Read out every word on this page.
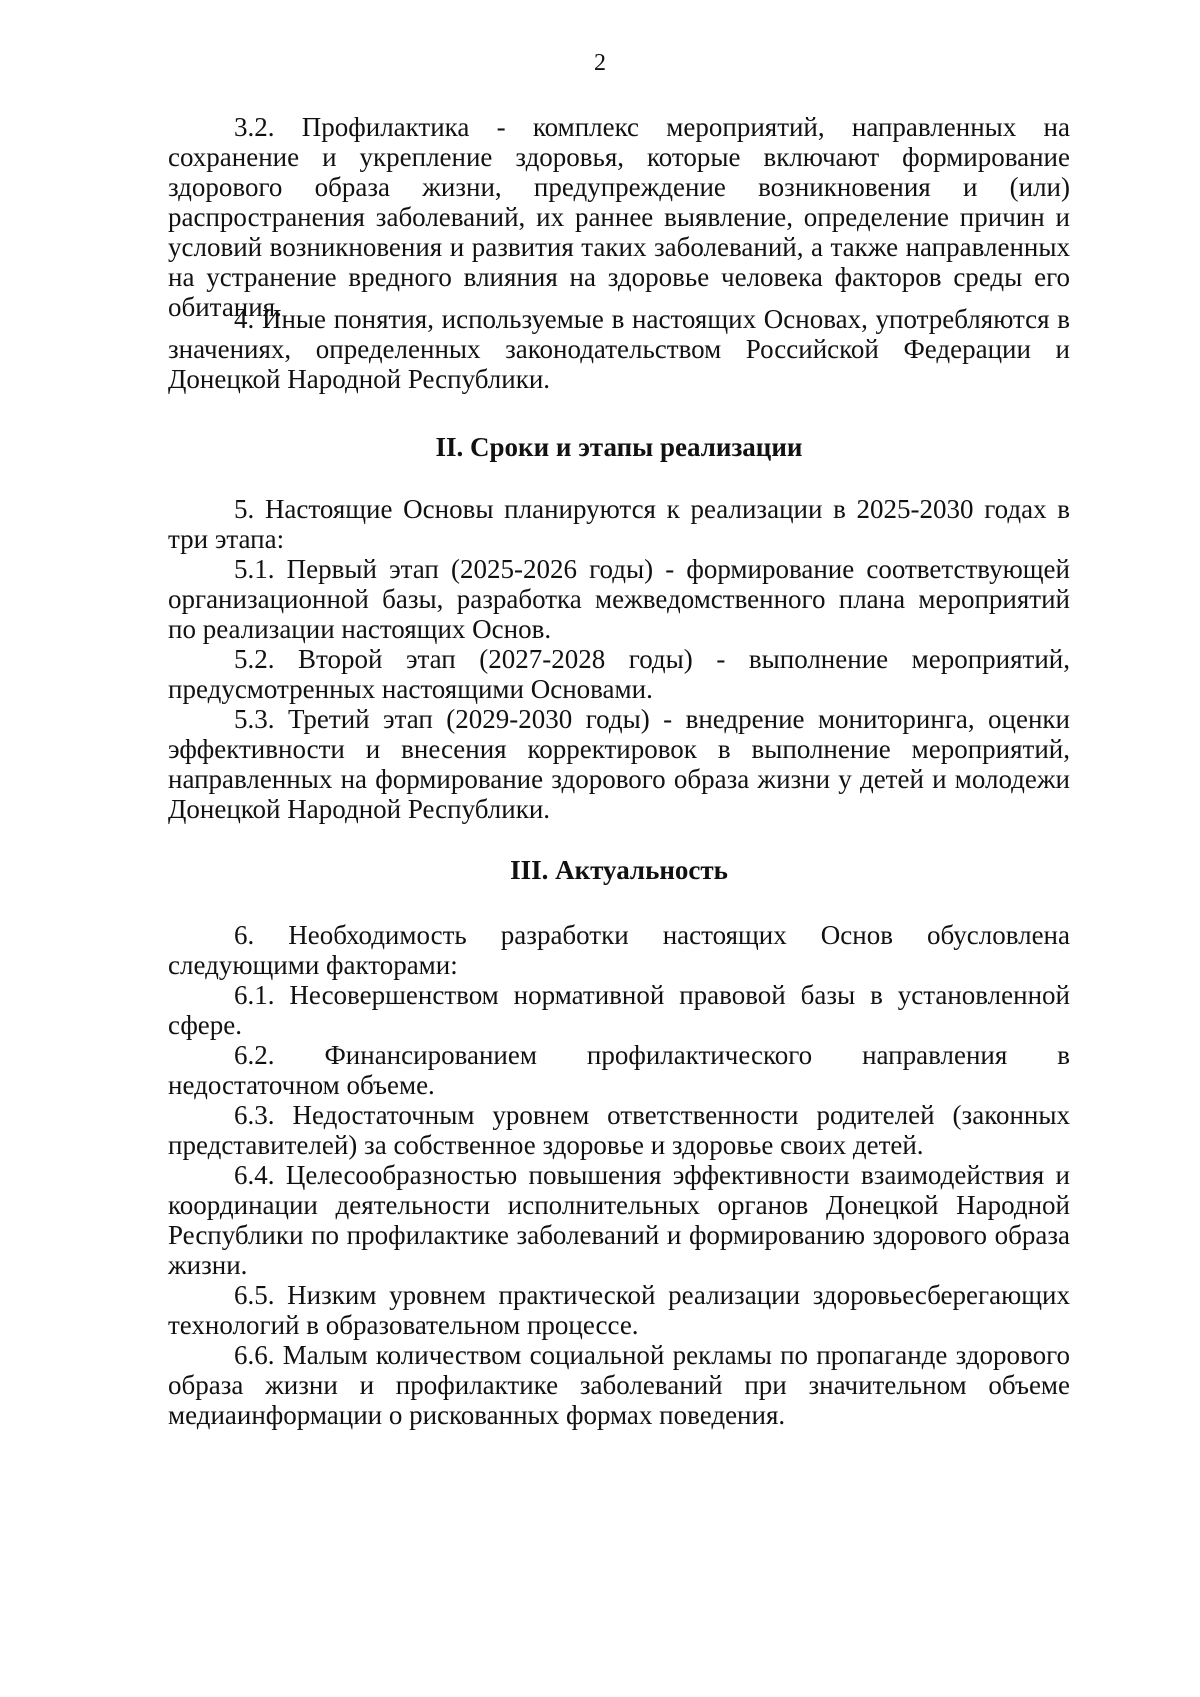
2

3.2. Профилактика - комплекс мероприятий, направленных на сохранение и укрепление здоровья, которые включают формирование здорового образа жизни, предупреждение возникновения и (или) распространения заболеваний, их раннее выявление, определение причин и условий возникновения и развития таких заболеваний, а также направленных на устранение вредного влияния на здоровье человека факторов среды его обитания.

4. Иные понятия, используемые в настоящих Основах, употребляются в значениях, определенных законодательством Российской Федерации и Донецкой Народной Республики.

II. Сроки и этапы реализации

5. Настоящие Основы планируются к реализации в 2025-2030 годах в три этапа:

5.1. Первый этап (2025-2026 годы) - формирование соответствующей организационной базы, разработка межведомственного плана мероприятий по реализации настоящих Основ.

5.2. Второй этап (2027-2028 годы) - выполнение мероприятий, предусмотренных настоящими Основами.

5.3. Третий этап (2029-2030 годы) - внедрение мониторинга, оценки эффективности и внесения корректировок в выполнение мероприятий, направленных на формирование здорового образа жизни у детей и молодежи Донецкой Народной Республики.

III. Актуальность

6. Необходимость разработки настоящих Основ обусловлена следующими факторами:

6.1. Несовершенством нормативной правовой базы в установленной сфере.

6.2. Финансированием профилактического направления в недостаточном объеме.

6.3. Недостаточным уровнем ответственности родителей (законных представителей) за собственное здоровье и здоровье своих детей.

6.4. Целесообразностью повышения эффективности взаимодействия и координации деятельности исполнительных органов Донецкой Народной Республики по профилактике заболеваний и формированию здорового образа жизни.

6.5. Низким уровнем практической реализации здоровьесберегающих технологий в образовательном процессе.

6.6. Малым количеством социальной рекламы по пропаганде здорового образа жизни и профилактике заболеваний при значительном объеме медиаинформации о рискованных формах поведения.
